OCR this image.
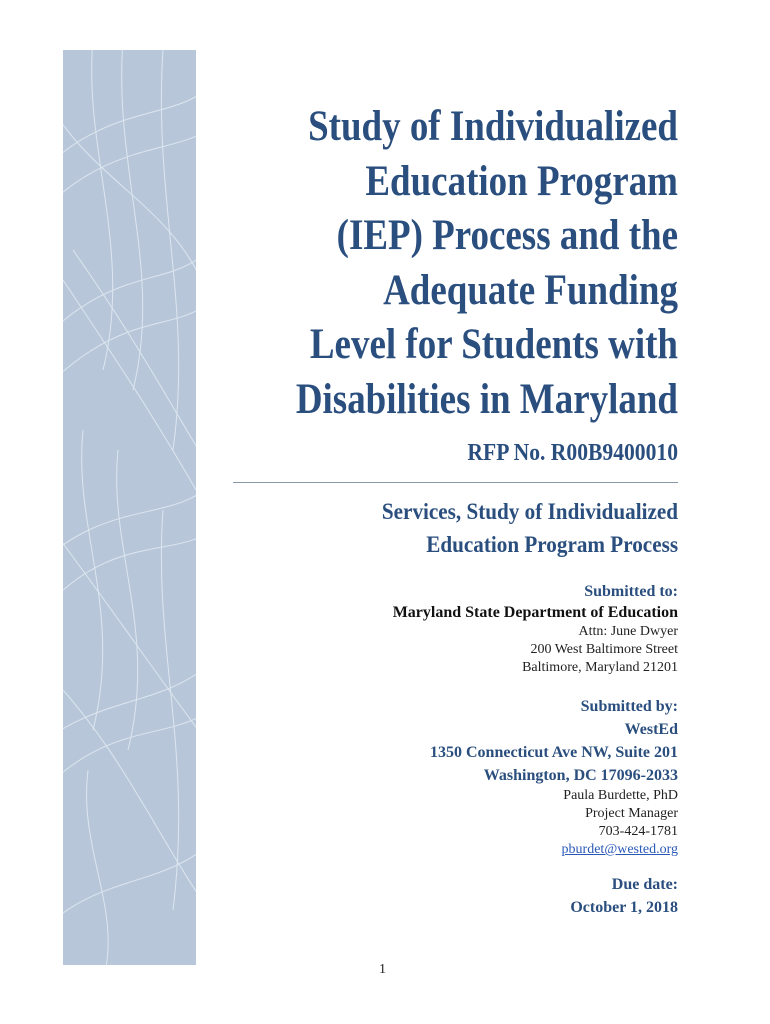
Study of Individualized
Education Program
(IEP) Process and the
Adequate Funding
Level for Students with
Disabilities in Maryland
RFP No. R00B9400010
Services, Study of Individualized
Education Program Process
Submitted to:
Maryland State Department of Education
Attn: June Dwyer
200 West Baltimore Street
Baltimore, Maryland 21201
Submitted by:
WestEd
1350 Connecticut Ave NW, Suite 201
Washington, DC 17096-2033
Paula Burdette, PhD
Project Manager
703-424-1781
pburdet@wested.org
Due date:
October 1, 2018
1
